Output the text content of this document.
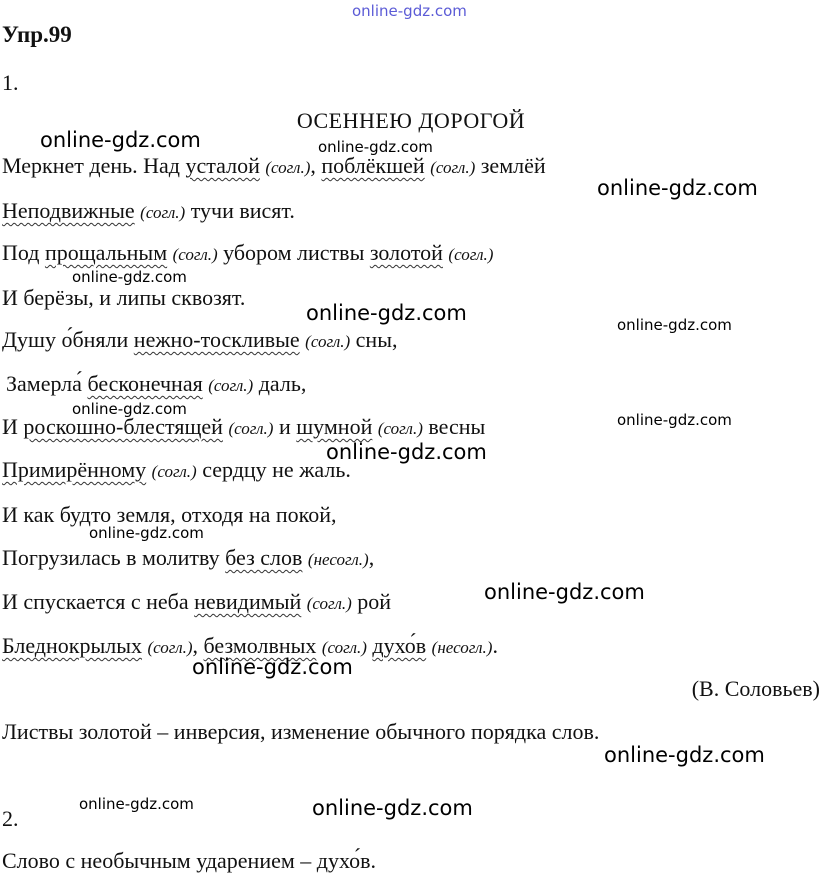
online-gdz.com
Упр.99
1.
ОСЕННЕЮ ДОРОГОЙ
Меркнет день. Над усталой (согл.), поблёкшей (согл.) землёй
Неподвижные (согл.) тучи висят.
Под прощальным (согл.) убором листвы золотой (согл.)
И берёзы, и липы сквозят.
Душу о́бняли нежно-тоскливые (согл.) сны,
Замерла́ бесконечная (согл.) даль,
И роскошно-блестящей (согл.) и шумной (согл.) весны
Примирённому (согл.) сердцу не жаль.
И как будто земля, отходя на покой,
Погрузилась в молитву без слов (несогл.),
И спускается с неба невидимый (согл.) рой
Бледнокрылых (согл.), безмолвных (согл.) духо́в (несогл.).
(В. Соловьев)
Листвы золотой – инверсия, изменение обычного порядка слов.
2.
Слово с необычным ударением – духо́в.
online-gdz.com	online-gdz.com
online-gdz.com
online-gdz.com
online-gdz.com	online-gdz.com
online-gdz.com
online-gdz.com
online-gdz.com
online-gdz.com
online-gdz.com
online-gdz.com
online-gdz.com
online-gdz.com	online-gdz.com
